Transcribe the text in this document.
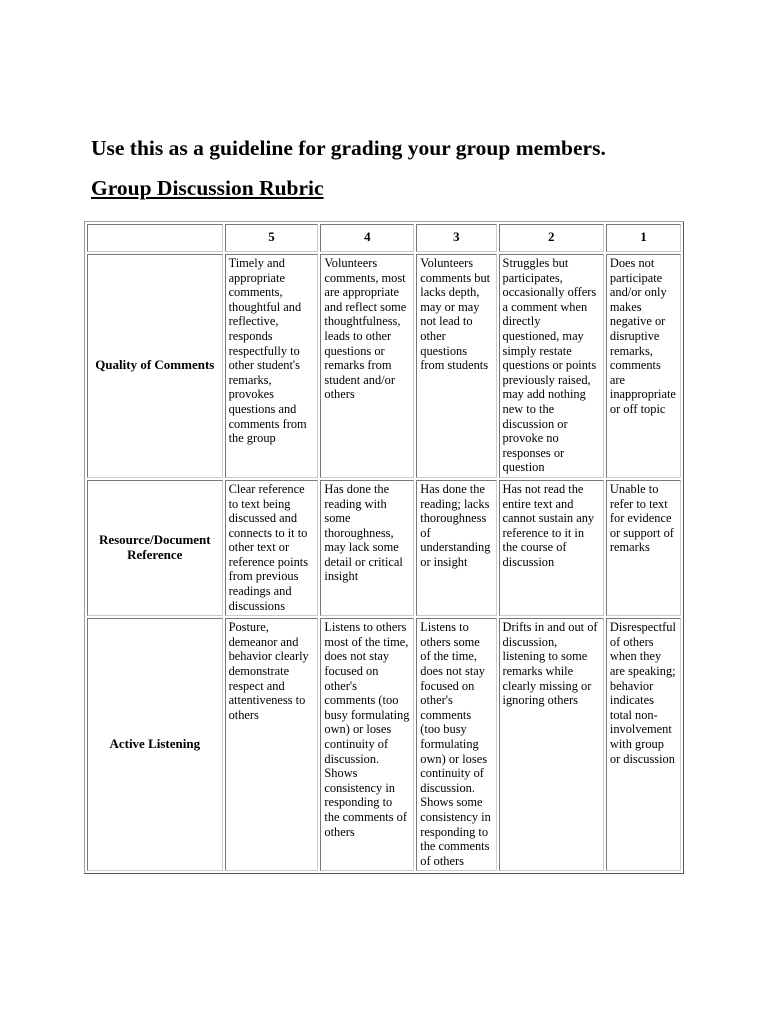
Use this as a guideline for grading your group members.
Group Discussion Rubric
	5	4	3	2	1
Quality of Comments	Timely and appropriate comments, thoughtful and reflective, responds respectfully to other student's remarks, provokes questions and comments from the group	Volunteers comments, most are appropriate and reflect some thoughtfulness, leads to other questions or remarks from student and/or others	Volunteers comments but lacks depth, may or may not lead to other questions from students	Struggles but participates, occasionally offers a comment when directly questioned, may simply restate questions or points previously raised, may add nothing new to the discussion or provoke no responses or question	Does not participate and/or only makes negative or disruptive remarks, comments are inappropriate or off topic
Resource/Document Reference	Clear reference to text being discussed and connects to it to other text or reference points from previous readings and discussions	Has done the reading with some thoroughness, may lack some detail or critical insight	Has done the reading; lacks thoroughness of understanding or insight	Has not read the entire text and cannot sustain any reference to it in the course of discussion	Unable to refer to text for evidence or support of remarks
Active Listening	Posture, demeanor and behavior clearly demonstrate respect and attentiveness to others	Listens to others most of the time, does not stay focused on other's comments (too busy formulating own) or loses continuity of discussion. Shows consistency in responding to the comments of others	Listens to others some of the time, does not stay focused on other's comments (too busy formulating own) or loses continuity of discussion. Shows some consistency in responding to the comments of others	Drifts in and out of discussion, listening to some remarks while clearly missing or ignoring others	Disrespectful of others when they are speaking; behavior indicates total non-involvement with group or discussion
